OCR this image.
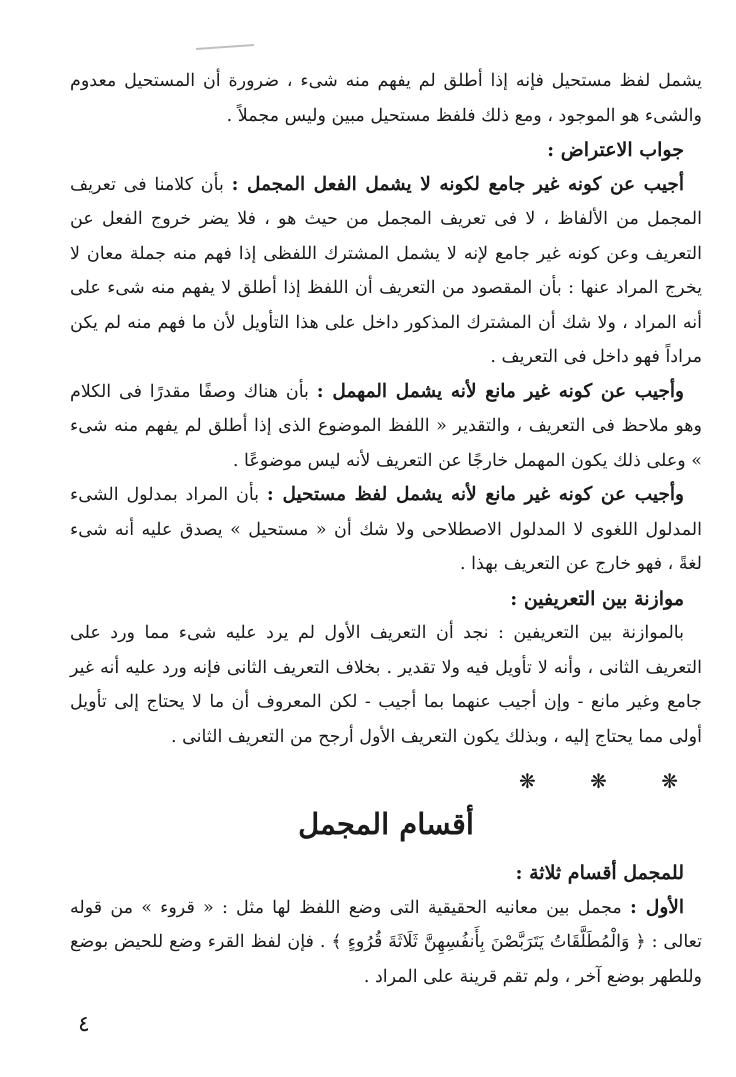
يشمل لفظ مستحيل فإنه إذا أطلق لم يفهم منه شىء ، ضرورة أن المستحيل معدوم والشىء هو الموجود ، ومع ذلك فلفظ مستحيل مبين وليس مجملاً .

جواب الاعتراض :

أجيب عن كونه غير جامع لكونه لا يشمل الفعل المجمل : بأن كلامنا فى تعريف المجمل من الألفاظ ، لا فى تعريف المجمل من حيث هو ، فلا يضر خروج الفعل عن التعريف وعن كونه غير جامع لإنه لا يشمل المشترك اللفظى إذا فهم منه جملة معان لا يخرج المراد عنها : بأن المقصود من التعريف أن اللفظ إذا أطلق لا يفهم منه شىء على أنه المراد ، ولا شك أن المشترك المذكور داخل على هذا التأويل لأن ما فهم منه لم يكن مراداً فهو داخل فى التعريف .

وأجيب عن كونه غير مانع لأنه يشمل المهمل : بأن هناك وصفًا مقدرًا فى الكلام وهو ملاحظ فى التعريف ، والتقدير « اللفظ الموضوع الذى إذا أطلق لم يفهم منه شىء » وعلى ذلك يكون المهمل خارجًا عن التعريف لأنه ليس موضوعًا .

وأجيب عن كونه غير مانع لأنه يشمل لفظ مستحيل : بأن المراد بمدلول الشىء المدلول اللغوى لا المدلول الاصطلاحى ولا شك أن « مستحيل » يصدق عليه أنه شىء لغةً ، فهو خارج عن التعريف بهذا .

موازنة بين التعريفين :

بالموازنة بين التعريفين : نجد أن التعريف الأول لم يرد عليه شىء مما ورد على التعريف الثانى ، وأنه لا تأويل فيه ولا تقدير . بخلاف التعريف الثانى فإنه ورد عليه أنه غير جامع وغير مانع - وإن أجيب عنهما بما أجيب - لكن المعروف أن ما لا يحتاج إلى تأويل أولى مما يحتاج إليه ، وبذلك يكون التعريف الأول أرجح من التعريف الثانى .

❋ ❋ ❋

أقسام المجمل

للمجمل أقسام ثلاثة :

الأول : مجمل بين معانيه الحقيقية التى وضع اللفظ لها مثل : « قروء » من قوله تعالى : ﴿ وَالْمُطَلَّقَاتُ يَتَرَبَّصْنَ بِأَنفُسِهِنَّ ثَلَاثَةَ قُرُوءٍ ﴾ . فإن لفظ القرء وضع للحيض بوضع وللطهر بوضع آخر ، ولم تقم قرينة على المراد .

٤
